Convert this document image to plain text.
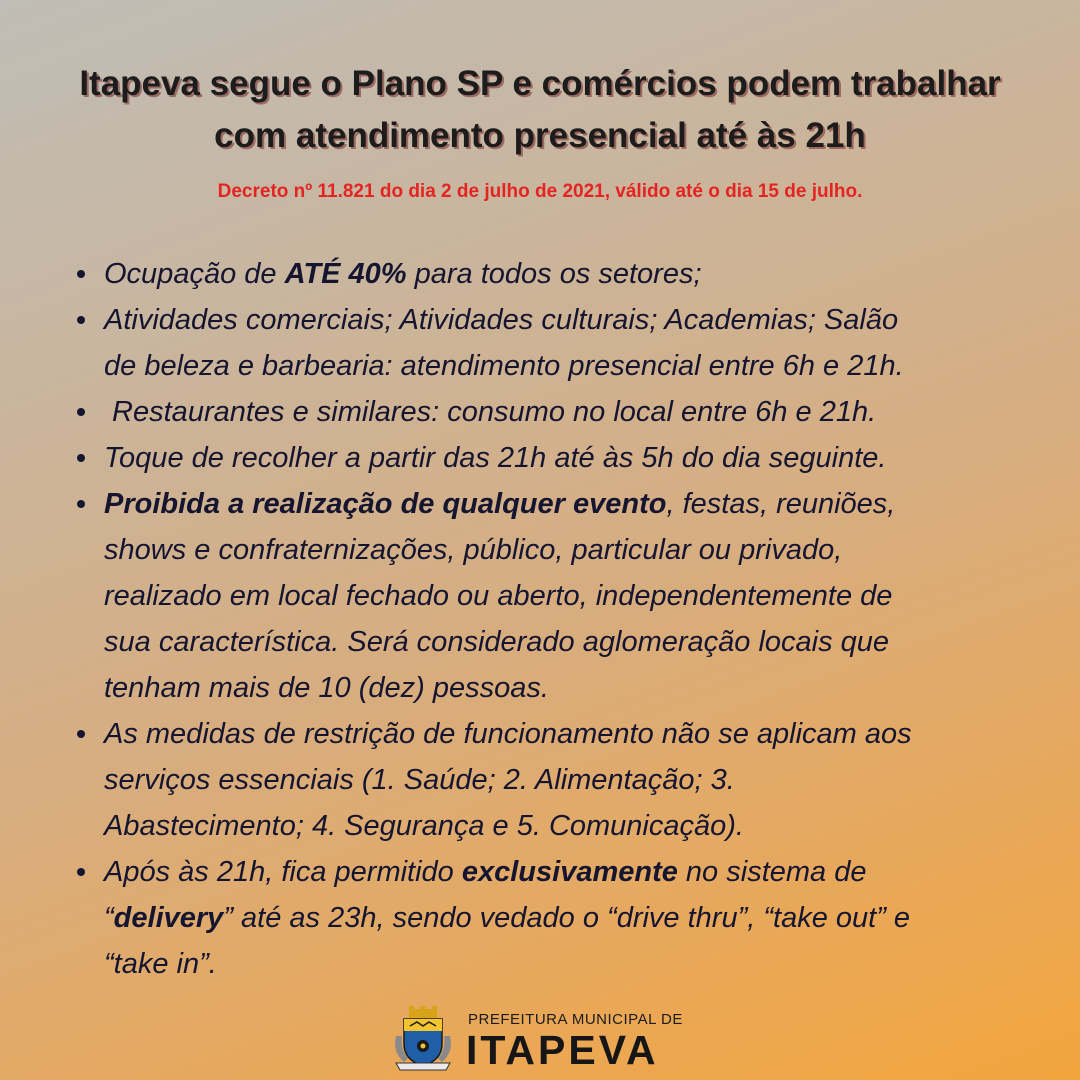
Itapeva segue o Plano SP e comércios podem trabalhar
com atendimento presencial até às 21h

Decreto nº 11.821 do dia 2 de julho de 2021, válido até o dia 15 de julho.

Ocupação de ATÉ 40% para todos os setores;
Atividades comerciais; Atividades culturais; Academias; Salão
de beleza e barbearia: atendimento presencial entre 6h e 21h.
Restaurantes e similares: consumo no local entre 6h e 21h.
Toque de recolher a partir das 21h até às 5h do dia seguinte.
Proibida a realização de qualquer evento, festas, reuniões,
shows e confraternizações, público, particular ou privado,
realizado em local fechado ou aberto, independentemente de
sua característica. Será considerado aglomeração locais que
tenham mais de 10 (dez) pessoas.
As medidas de restrição de funcionamento não se aplicam aos
serviços essenciais (1. Saúde; 2. Alimentação; 3.
Abastecimento; 4. Segurança e 5. Comunicação).
Após às 21h, fica permitido exclusivamente no sistema de
“delivery” até as 23h, sendo vedado o “drive thru”, “take out” e
“take in”.
PREFEITURA MUNICIPAL DE
ITAPEVA
